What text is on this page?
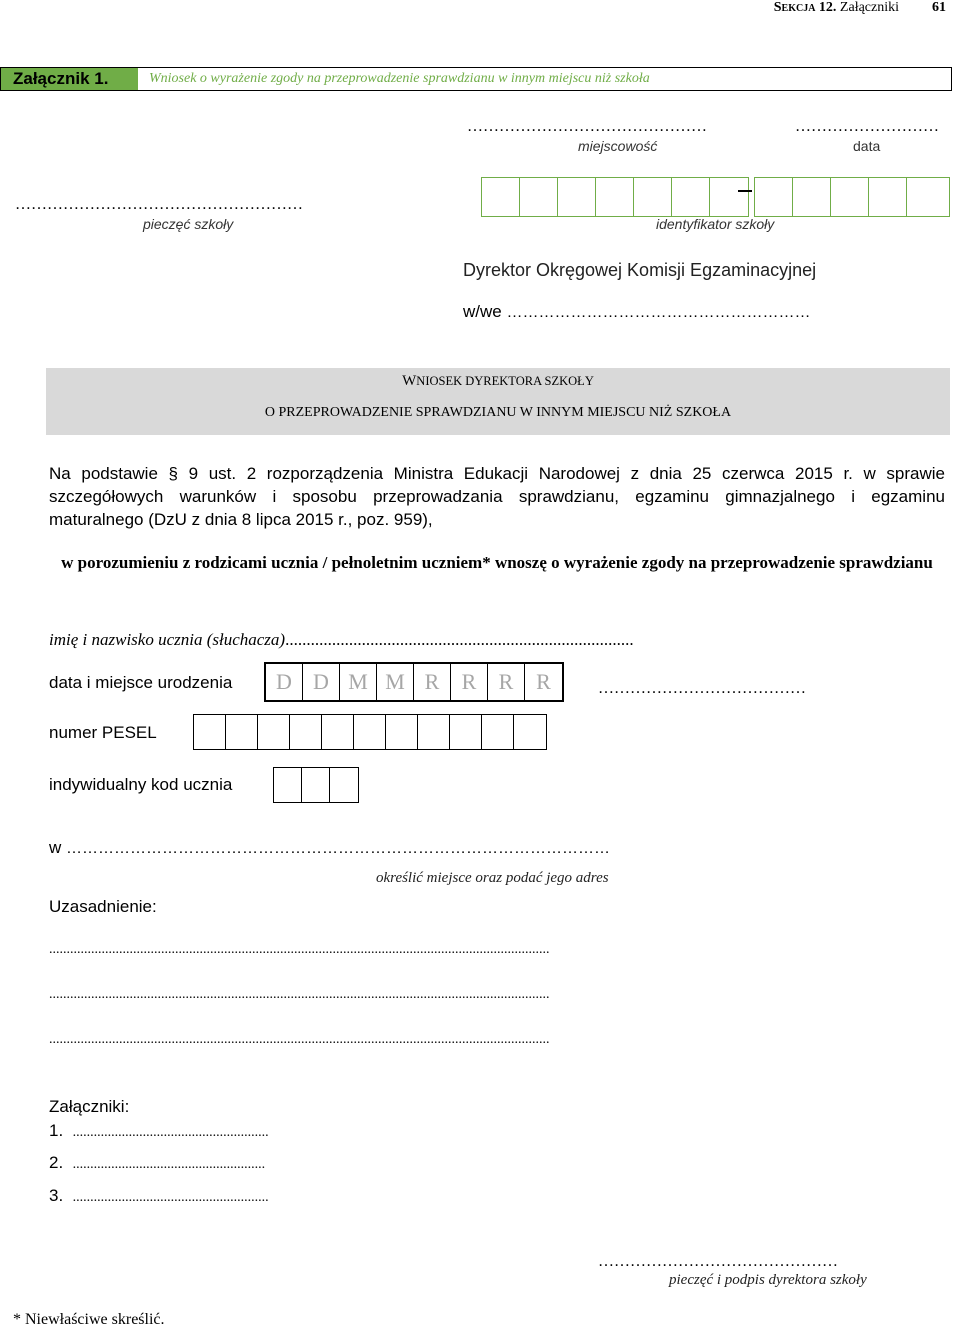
Sekcja 12. Załączniki 61
Załącznik 1.	Wniosek o wyrażenie zgody na przeprowadzenie sprawdzianu w innym miejscu niż szkoła
………………………………………
miejscowość
………………………
data
………………………………………………
pieczęć szkoły	identyfikator szkoły
Dyrektor Okręgowej Komisji Egzaminacyjnej
w/we …………………………………………………
WNIOSEK DYREKTORA SZKOŁY
O PRZEPROWADZENIE SPRAWDZIANU W INNYM MIEJSCU NIŻ SZKOŁA
Na podstawie § 9 ust. 2 rozporządzenia Ministra Edukacji Narodowej z dnia 25 czerwca 2015 r. w sprawie
szczegółowych warunków i sposobu przeprowadzania sprawdzianu, egzaminu gimnazjalnego i egzaminu
maturalnego (DzU z dnia 8 lipca 2015 r., poz. 959),
w porozumieniu z rodzicami ucznia / pełnoletnim uczniem* wnoszę o wyrażenie zgody na przeprowadzenie sprawdzianu
imię i nazwisko ucznia (słuchacza)..................................................................................
data i miejsce urodzenia	D D M M R	R	R	R	…………………………………
numer PESEL
indywidualny kod ucznia
w …………………………………………………………………………………………
określić miejsce oraz podać jego adres
Uzasadnienie:
...............................................................................................................................................
...............................................................................................................................................
...............................................................................................................................................
Załączniki:
1. ........................................................
2. .......................................................
3. ........................................................
………………………………………
pieczęć i podpis dyrektora szkoły
* Niewłaściwe skreślić.
